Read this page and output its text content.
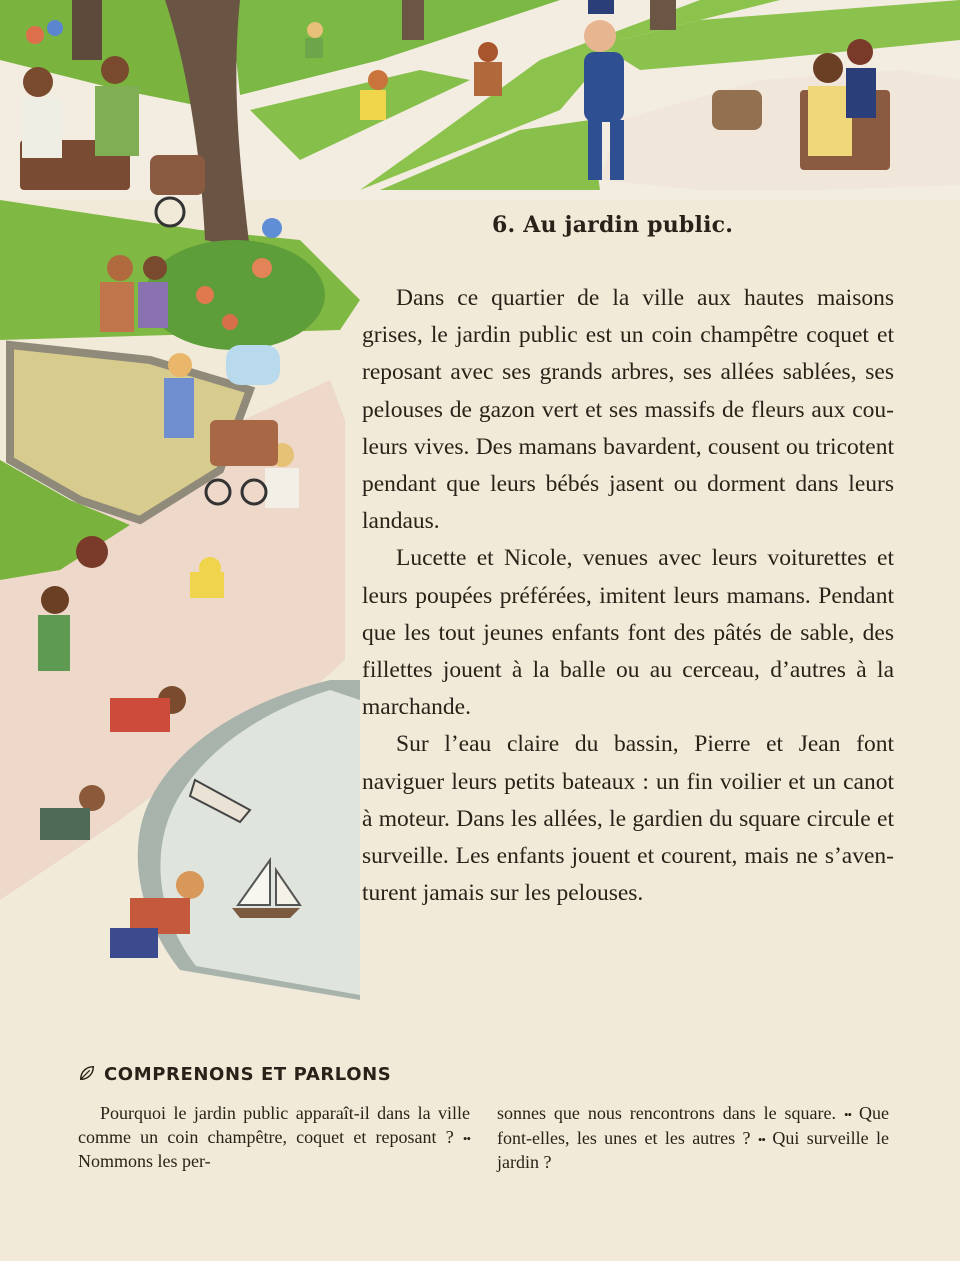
6. Au jardin public.

Dans ce quartier de la ville aux hautes maisons grises, le jardin public est un coin champêtre coquet et reposant avec ses grands arbres, ses allées sablées, ses pelouses de gazon vert et ses massifs de fleurs aux couleurs vives. Des mamans bavardent, cousent ou tricotent pendant que leurs bébés jasent ou dorment dans leurs landaus.

Lucette et Nicole, venues avec leurs voiturettes et leurs poupées préférées, imitent leurs mamans. Pendant que les tout jeunes enfants font des pâtés de sable, des fillettes jouent à la balle ou au cerceau, d’autres à la marchande.

Sur l’eau claire du bassin, Pierre et Jean font naviguer leurs petits bateaux : un fin voilier et un canot à moteur. Dans les allées, le gardien du square circule et surveille. Les enfants jouent et courent, mais ne s’aventurent jamais sur les pelouses.

COMPRENONS ET PARLONS
Pourquoi le jardin public apparaît-il dans la ville comme un coin champêtre, coquet et reposant ? •• Nommons les per-
sonnes que nous rencontrons dans le square. •• Que font-elles, les unes et les autres ? •• Qui surveille le jardin ?
